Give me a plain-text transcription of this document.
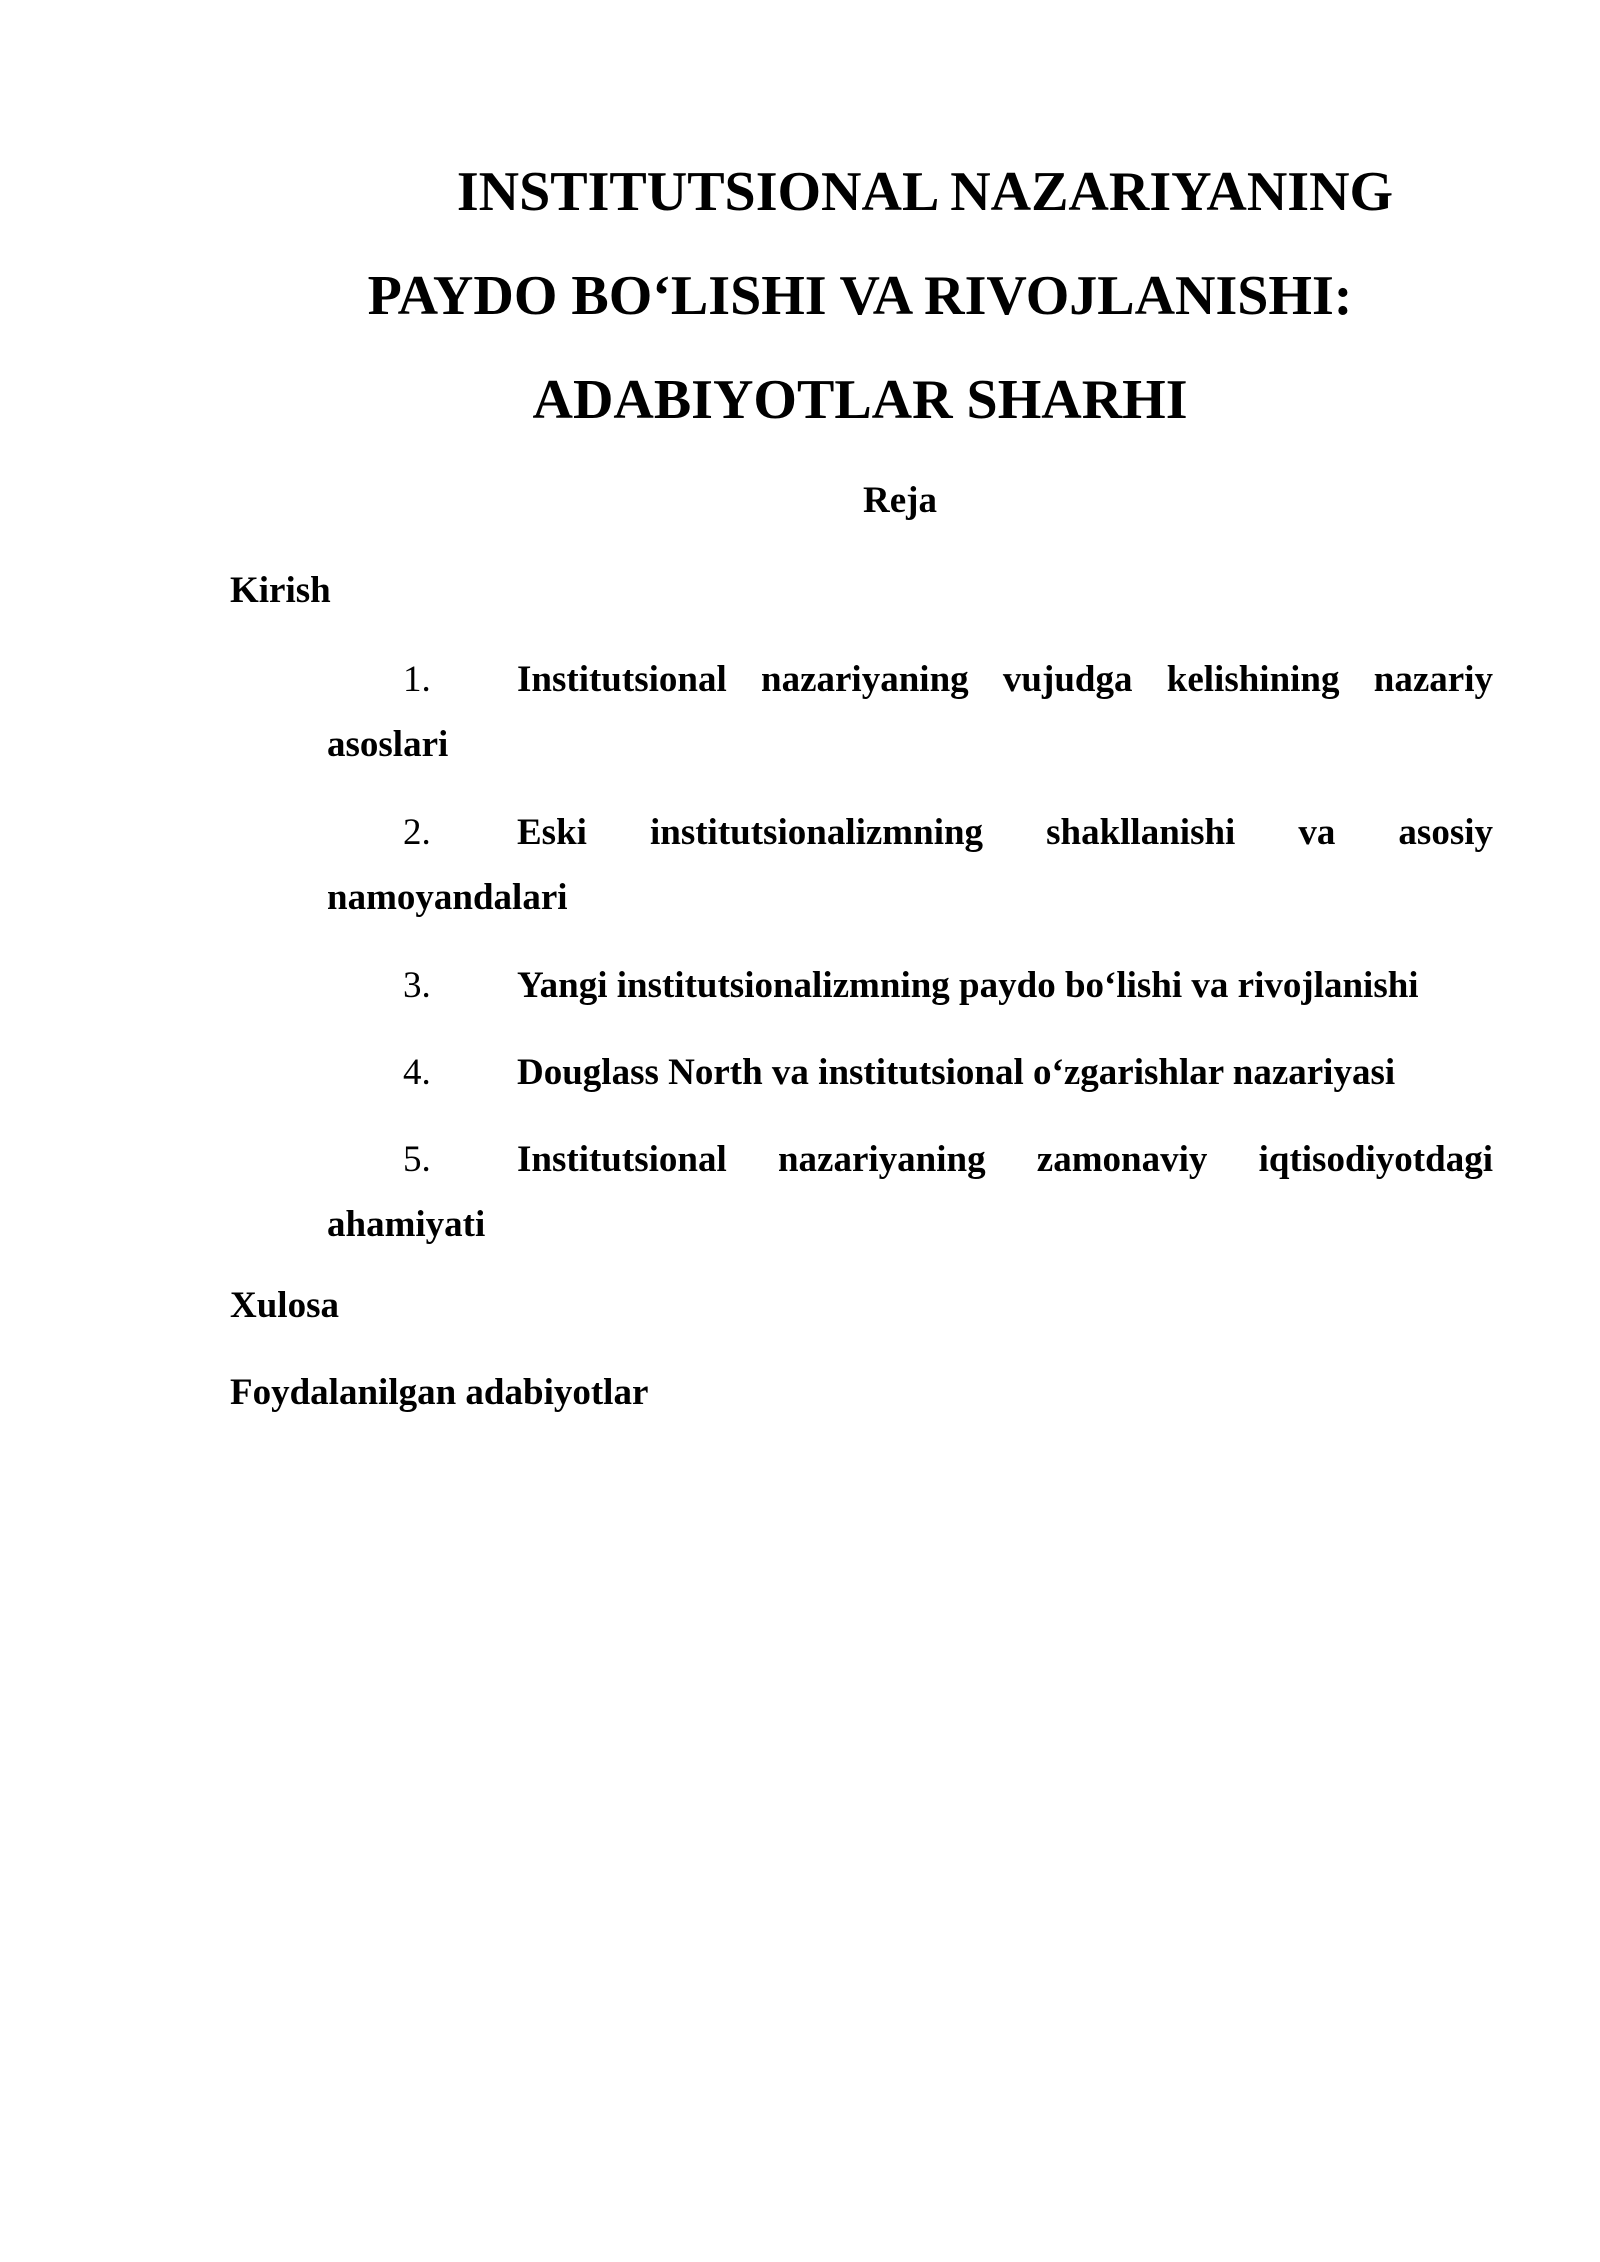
INSTITUTSIONAL NAZARIYANING
PAYDO BO‘LISHI VA RIVOJLANISHI:
ADABIYOTLAR SHARHI

Reja

Kirish

1.	Institutsional nazariyaning vujudga kelishining nazariy asoslari
2.	Eski institutsionalizmning shakllanishi va asosiy namoyandalari
3.	Yangi institutsionalizmning paydo bo‘lishi va rivojlanishi
4.	Douglass North va institutsional o‘zgarishlar nazariyasi
5.	Institutsional nazariyaning zamonaviy iqtisodiyotdagi ahamiyati

Xulosa

Foydalanilgan adabiyotlar
